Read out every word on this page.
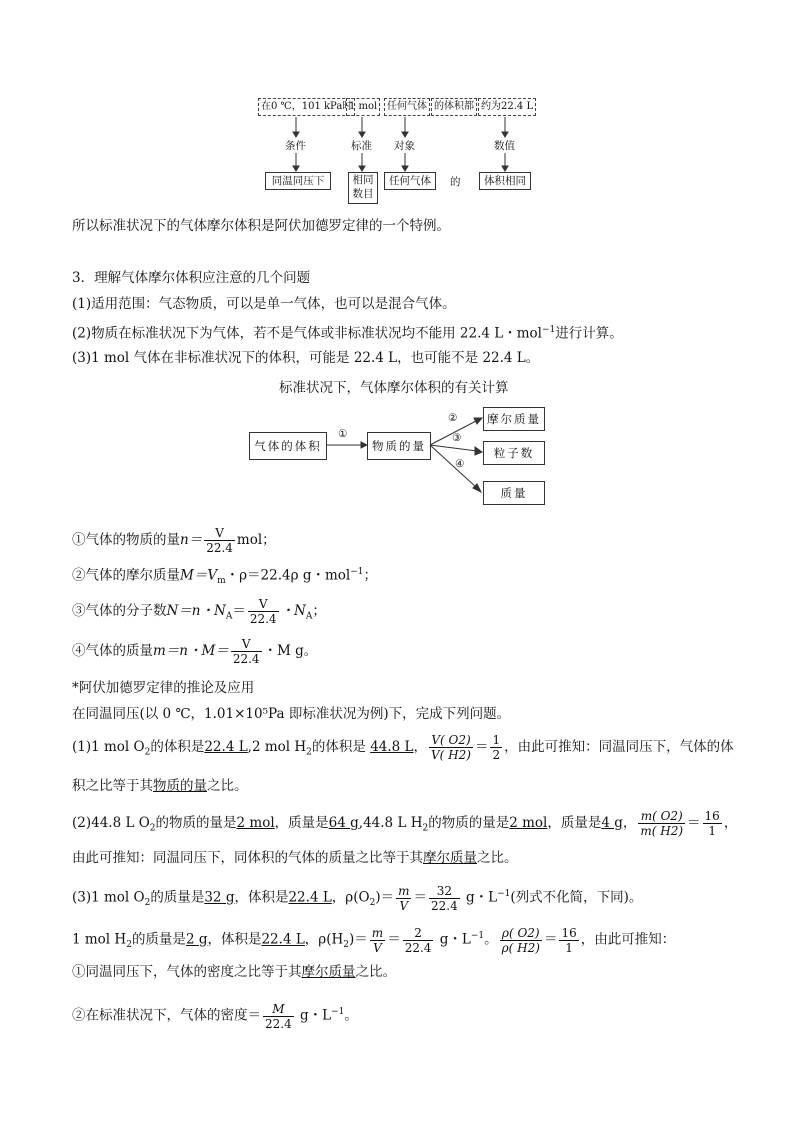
在0 ℃，101 kPa时
1 mol 任何气体 的体积都 约为22.4 L
条件	标准 对象	数值
同温同压下	相同
数目
任何气体	的	体积相同
所以标准状况下的气体摩尔体积是阿伏加德罗定律的一个特例。
3．理解气体摩尔体积应注意的几个问题
(1)适用范围：气态物质，可以是单一气体，也可以是混合气体。
(2)物质在标准状况下为气体，若不是气体或非标准状况均不能用 22.4 L・mol$^{-1}$进行计算。
(3)1 mol 气体在非标准状况下的体积，可能是 22.4 L，也可能不是 22.4 L。
标准状况下，气体摩尔体积的有关计算
气体的体积	物质的量
摩尔质量
粒子数
质量
①
②
③
④
①气体的物质的量$n= \frac{V}{22.4}$ mol；
②气体的摩尔质量$M=V_m$・ρ＝22.4ρ g・mol$^{-1}$；
③气体的分子数N＝n・$N_A= \frac{V}{22.4}$ ・$N_A$；
④气体的质量m＝n・$M= \frac{V}{22.4}$ ・M g。
*阿伏加德罗定律的推论及应用
在同温同压(以 0 ℃，1.01×10⁵Pa 即标准状况为例)下，完成下列问题。
(1)1 mol $O_2$的体积是22.4 L,2 mol $H_2$的体积是 44.8 L， $\frac{V( O2)}{V( H2)} = \frac{1}{2}$ ，由此可推知：同温同压下，气体的体
积之比等于其物质的量之比。
(2)44.8 L $O_2$的物质的量是2 mol，质量是64 g,44.8 L $H_2$的物质的量是2 mol，质量是4 g， $\frac{m( O2)}{m( H2)} = \frac{16}{1}$ ，
由此可推知：同温同压下，同体积的气体的质量之比等于其摩尔质量之比。
(3)1 mol $O_2$的质量是32 g，体积是22.4 L，$\rho(O_2)= \frac{m}{V} = \frac{32}{22.4}$ g・$L^{-1}$(列式不化简，下同)。
1 mol $H_2$的质量是2 g，体积是22.4 L，$\rho(H_2)= \frac{m}{V} = \frac{2}{22.4}$ g・$L^{-1}$。 $\frac{\rho( O2)}{\rho( H2)} = \frac{16}{1}$ ，由此可推知：
①同温同压下，气体的密度之比等于其摩尔质量之比。
②在标准状况下，气体的密度＝ $\frac{M}{22.4}$ g・$L^{-1}$。
